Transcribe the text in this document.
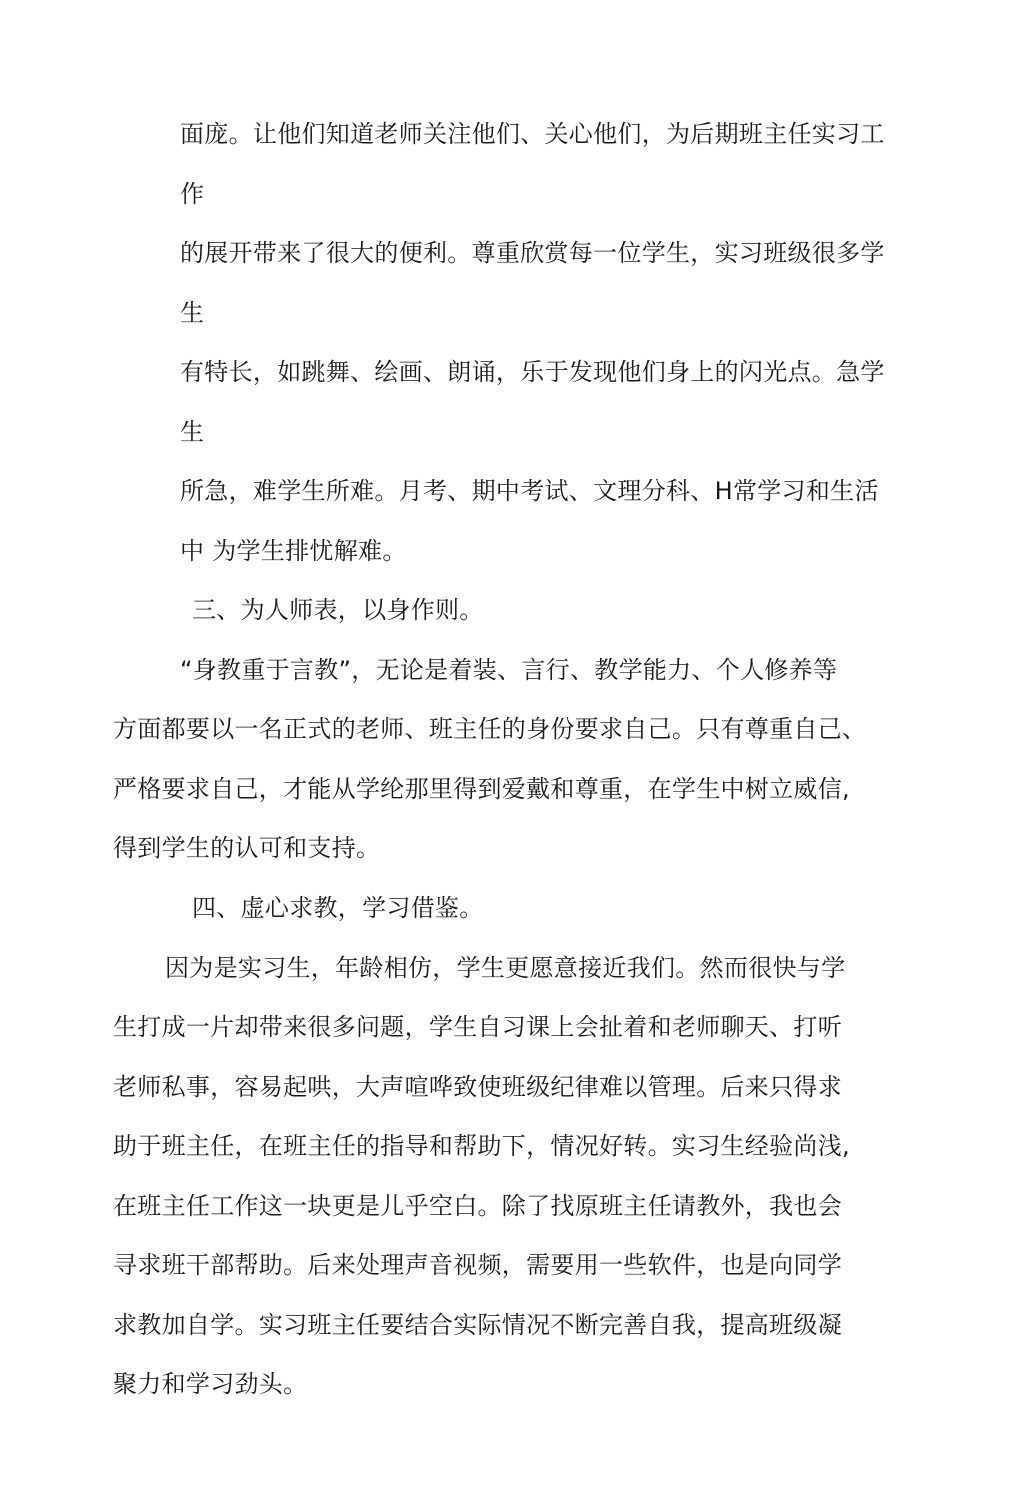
面庞。让他们知道老师关注他们、关心他们，为后期班主任实习工
作
的展开带来了很大的便利。尊重欣赏每一位学生，实习班级很多学
生
有特长，如跳舞、绘画、朗诵，乐于发现他们身上的闪光点。急学
生
所急，难学生所难。月考、期中考试、文理分科、H常学习和生活
中 为学生排忧解难。
三、为人师表，以身作则。
“身教重于言教”，无论是着装、言行、教学能力、个人修养等
方面都要以一名正式的老师、班主任的身份要求自己。只有尊重自己、
严格要求自己，才能从学纶那里得到爱戴和尊重，在学生中树立威信,
得到学生的认可和支持。
四、虚心求教，学习借鉴。
因为是实习生，年龄相仿，学生更愿意接近我们。然而很快与学
生打成一片却带来很多问题，学生自习课上会扯着和老师聊天、打听
老师私事，容易起哄，大声喧哗致使班级纪律难以管理。后来只得求
助于班主任，在班主任的指导和帮助下，情况好转。实习生经验尚浅,
在班主任工作这一块更是儿乎空白。除了找原班主任请教外，我也会
寻求班干部帮助。后来处理声音视频，需要用一些软件，也是向同学
求教加自学。实习班主任要结合实际情况不断完善自我，提高班级凝
聚力和学习劲头。
